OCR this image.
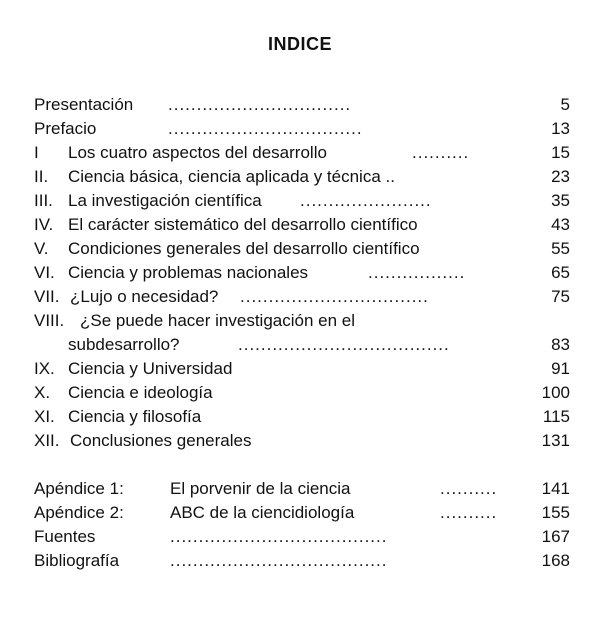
INDICE
Presentación ................................	5
Prefacio	..................................	13
I Los cuatro aspectos del desarrollo	..........	15
II. Ciencia básica, ciencia aplicada y técnica ..	23
III. La investigación científica .......................	35
IV. El carácter sistemático del desarrollo científico	43
V. Condiciones generales del desarrollo científico	55
VI. Ciencia y problemas nacionales	.................	65
VII. ¿Lujo o necesidad? .................................	75
VIII. ¿Se puede hacer investigación en el
subdesarrollo?	.....................................	83
IX. Ciencia y Universidad	91
X. Ciencia e ideología	100
XI. Ciencia y filosofía	115
XII. Conclusiones generales	131
Apéndice 1:	El porvenir de la ciencia	..........	141
Apéndice 2:	ABC de la ciencidiología	..........	155
Fuentes	......................................	167
Bibliografía	......................................	168
